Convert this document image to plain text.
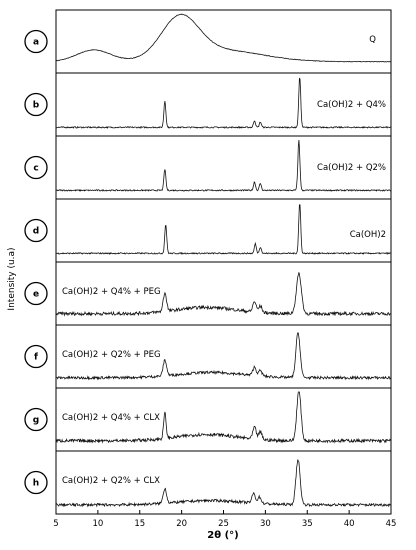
a	Q
b	Ca(OH)2 + Q4%
c	Ca(OH)2 + Q2%
d	Ca(OH)2
e	Ca(OH)2 + Q4% + PEG
f	Ca(OH)2 + Q2% + PEG
g	Ca(OH)2 + Q4% + CLX
h	Ca(OH)2 + Q2% + CLX
5	10	15	20	25	30	35	40	45
Intensity (u.a)
2θ (°)
